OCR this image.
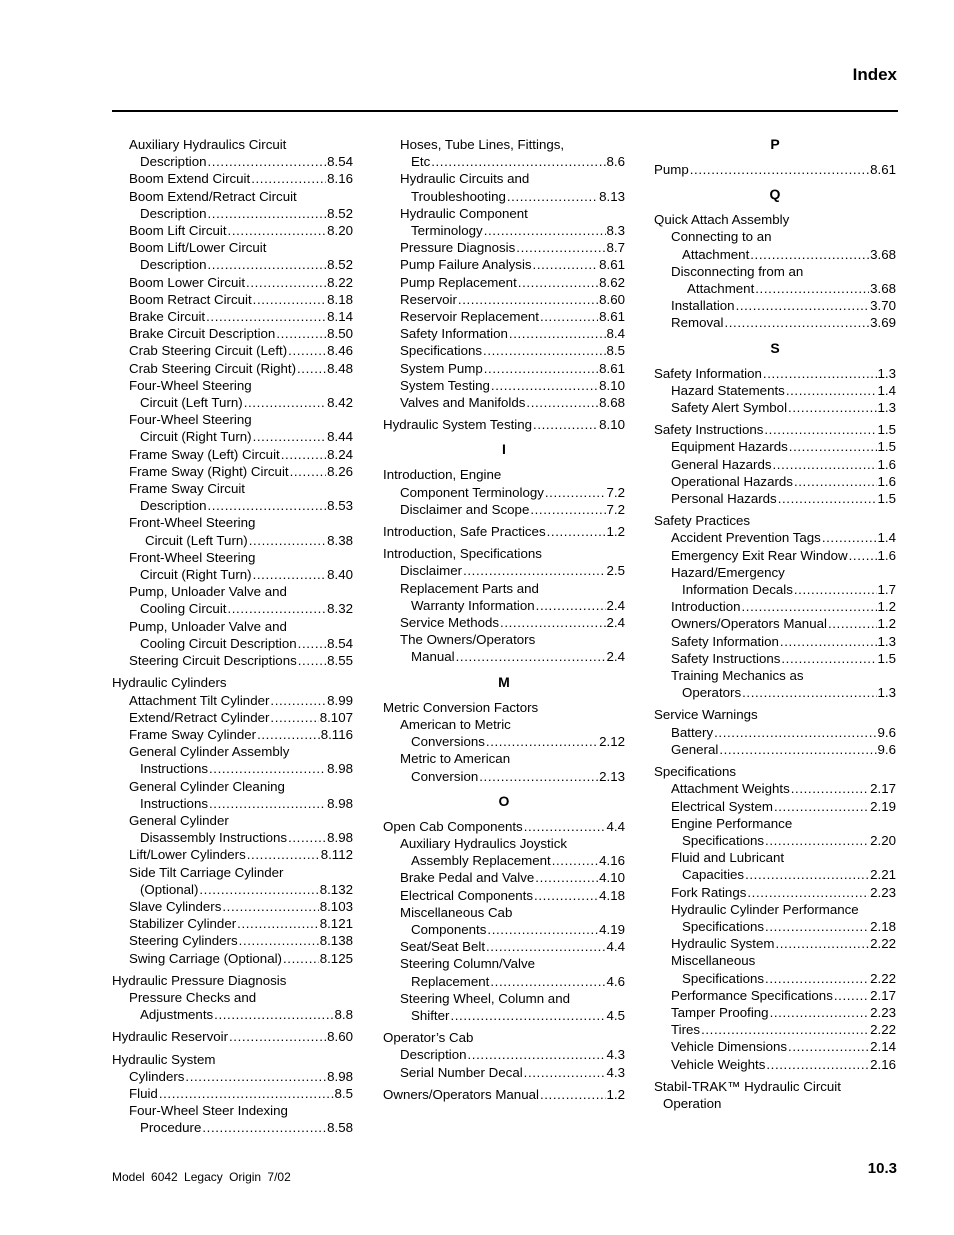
Index
Auxiliary Hydraulics Circuit
Description .....	8.54
Boom Extend Circuit .....	8.16
Boom Extend/Retract Circuit
Description .....	8.52
Boom Lift Circuit .....	8.20
Boom Lift/Lower Circuit
Description .....	8.52
Boom Lower Circuit .....	8.22
Boom Retract Circuit .....	8.18
Brake Circuit .....	8.14
Brake Circuit Description .....	8.50
Crab Steering Circuit (Left) .....	8.46
Crab Steering Circuit (Right) ..... 8.48
Four-Wheel Steering
Circuit (Left Turn) .....	8.42
Four-Wheel Steering
Circuit (Right Turn) .....	8.44
Frame Sway (Left) Circuit .....	8.24
Frame Sway (Right) Circuit .....	8.26
Frame Sway Circuit
Description .....	8.53
Front-Wheel Steering
Circuit (Left Turn) .....	8.38
Front-Wheel Steering
Circuit (Right Turn) .....	8.40
Pump, Unloader Valve and
Cooling Circuit .....	8.32
Pump, Unloader Valve and
Cooling Circuit Description ..... 8.54
Steering Circuit Descriptions ..... 8.55
Hydraulic Cylinders
Attachment Tilt Cylinder .....	8.99
Extend/Retract Cylinder .....	8.107
Frame Sway Cylinder .....	8.116
General Cylinder Assembly
Instructions .....	8.98
General Cylinder Cleaning
Instructions .....	8.98
General Cylinder
Disassembly Instructions .....	8.98
Lift/Lower Cylinders .....	8.112
Side Tilt Carriage Cylinder
(Optional) .....	8.132
Slave Cylinders .....	8.103
Stabilizer Cylinder .....	8.121
Steering Cylinders .....	8.138
Swing Carriage (Optional) .....	8.125
Hydraulic Pressure Diagnosis
Pressure Checks and
Adjustments .....	8.8
Hydraulic Reservoir .....	8.60
Hydraulic System
Cylinders .....	8.98
Fluid .....	8.5
Four-Wheel Steer Indexing
Procedure .....	8.58
Hoses, Tube Lines, Fittings,
Etc .....	8.6
Hydraulic Circuits and
Troubleshooting .....	8.13
Hydraulic Component
Terminology .....	8.3
Pressure Diagnosis .....	8.7
Pump Failure Analysis .....	8.61
Pump Replacement .....	8.62
Reservoir .....	8.60
Reservoir Replacement .....	8.61
Safety Information .....	8.4
Specifications .....	8.5
System Pump .....	8.61
System Testing .....	8.10
Valves and Manifolds .....	8.68
Hydraulic System Testing .....	8.10
I
Introduction, Engine
Component Terminology .....	7.2
Disclaimer and Scope .....	7.2
Introduction, Safe Practices .....	1.2
Introduction, Specifications
Disclaimer .....	2.5
Replacement Parts and
Warranty Information .....	2.4
Service Methods .....	2.4
The Owners/Operators
Manual .....	2.4
M
Metric Conversion Factors
American to Metric
Conversions .....	2.12
Metric to American
Conversion .....	2.13
O
Open Cab Components .....	4.4
Auxiliary Hydraulics Joystick
Assembly Replacement .....	4.16
Brake Pedal and Valve .....	4.10
Electrical Components .....	4.18
Miscellaneous Cab
Components .....	4.19
Seat/Seat Belt .....	4.4
Steering Column/Valve
Replacement .....	4.6
Steering Wheel, Column and
Shifter .....	4.5
Operator’s Cab
Description .....	4.3
Serial Number Decal .....	4.3
Owners/Operators Manual .....	1.2
P
Pump .....	8.61
Q
Quick Attach Assembly
Connecting to an
Attachment .....	3.68
Disconnecting from an
Attachment .....	3.68
Installation .....	3.70
Removal .....	3.69
S
Safety Information .....	1.3
Hazard Statements .....	1.4
Safety Alert Symbol .....	1.3
Safety Instructions .....	1.5
Equipment Hazards .....	1.5
General Hazards .....	1.6
Operational Hazards .....	1.6
Personal Hazards .....	1.5
Safety Practices
Accident Prevention Tags .....	1.4
Emergency Exit Rear Window ..... 1.6
Hazard/Emergency
Information Decals .....	1.7
Introduction .....	1.2
Owners/Operators Manual .....	1.2
Safety Information .....	1.3
Safety Instructions .....	1.5
Training Mechanics as
Operators .....	1.3
Service Warnings
Battery .....	9.6
General .....	9.6
Specifications
Attachment Weights .....	2.17
Electrical System .....	2.19
Engine Performance
Specifications .....	2.20
Fluid and Lubricant
Capacities .....	2.21
Fork Ratings .....	2.23
Hydraulic Cylinder Performance
Specifications .....	2.18
Hydraulic System .....	2.22
Miscellaneous
Specifications .....	2.22
Performance Specifications .....	2.17
Tamper Proofing .....	2.23
Tires .....	2.22
Vehicle Dimensions .....	2.14
Vehicle Weights .....	2.16
Stabil-TRAK™ Hydraulic Circuit
Operation
Model 6042 Legacy Origin 7/02	10.3
